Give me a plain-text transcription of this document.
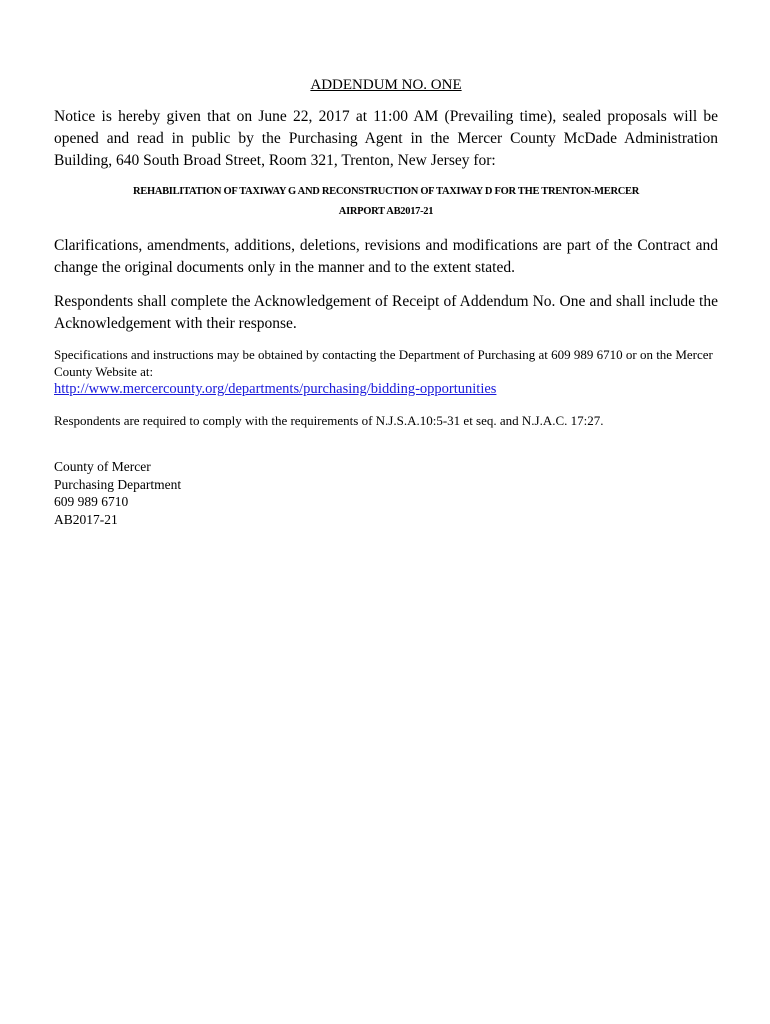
ADDENDUM NO. ONE

Notice is hereby given that on June 22, 2017 at 11:00 AM (Prevailing time), sealed proposals will be opened and read in public by the Purchasing Agent in the Mercer County McDade Administration Building, 640 South Broad Street, Room 321, Trenton, New Jersey for:

REHABILITATION OF TAXIWAY G AND RECONSTRUCTION OF TAXIWAY D FOR THE TRENTON-MERCER
AIRPORT AB2017-21

Clarifications, amendments, additions, deletions, revisions and modifications are part of the Contract and change the original documents only in the manner and to the extent stated.

Respondents shall complete the Acknowledgement of Receipt of Addendum No. One and shall include the Acknowledgement with their response.

Specifications and instructions may be obtained by contacting the Department of Purchasing at 609 989 6710 or on the Mercer County Website at:

http://www.mercercounty.org/departments/purchasing/bidding-opportunities

Respondents are required to comply with the requirements of N.J.S.A.10:5-31 et seq. and N.J.A.C. 17:27.

County of Mercer
Purchasing Department
609 989 6710
AB2017-21
